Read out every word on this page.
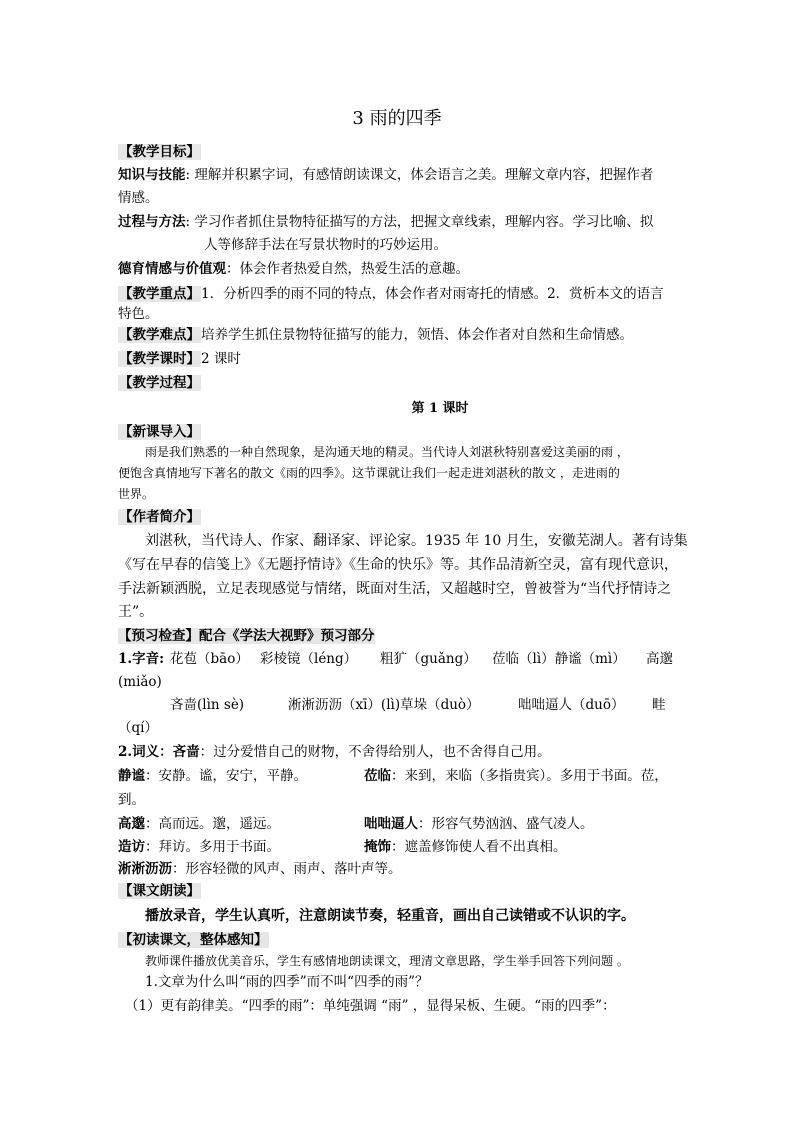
3 雨的四季
【教学目标】
知识与技能: 理解并积累字词，有感情朗读课文，体会语言之美。理解文章内容，把握作者
情感。
过程与方法: 学习作者抓住景物特征描写的方法，把握文章线索，理解内容。学习比喻、拟
人等修辞手法在写景状物时的巧妙运用。
德育情感与价值观：体会作者热爱自然，热爱生活的意趣。
【教学重点】1．分析四季的雨不同的特点，体会作者对雨寄托的情感。2．赏析本文的语言
特色。
【教学难点】培养学生抓住景物特征描写的能力，领悟、体会作者对自然和生命情感。
【教学课时】2 课时
【教学过程】
第 1 课时
【新课导入】
雨是我们熟悉的一种自然现象，是沟通天地的精灵。当代诗人刘湛秋特别喜爱这美丽的雨 ，
便饱含真情地写下著名的散文《雨的四季》。这节课就让我们一起走进刘湛秋的散文 ，走进雨的
世界。
【作者简介】
刘湛秋，当代诗人、作家、翻译家、评论家。1935 年 10 月生，安徽芜湖人。著有诗集
《写在早春的信笺上》《无题抒情诗》《生命的快乐》等。其作品清新空灵，富有现代意识，
手法新颖洒脱，立足表现感觉与情绪，既面对生活，又超越时空，曾被誉为“当代抒情诗之
王”。
【预习检查】配合《学法大视野》预习部分
1.字音: 花苞（bāo） 彩棱镜（léng） 粗犷（guǎng） 莅临（lì）静谧（mì） 高邈
(miǎo)
吝啬(lìn sè)	淅淅沥沥（xī）(lì)草垛（duò）	咄咄逼人（duō） 畦
（qí）
2.词义：吝啬：过分爱惜自己的财物，不舍得给别人，也不舍得自己用。
静谧：安静。谧，安宁，平静。	莅临：来到，来临（多指贵宾）。多用于书面。莅，
到。
高邈：高而远。邈，遥远。	咄咄逼人：形容气势汹汹、盛气凌人。
造访：拜访。多用于书面。	掩饰：遮盖修饰使人看不出真相。
淅淅沥沥：形容轻微的风声、雨声、落叶声等。
【课文朗读】
播放录音，学生认真听，注意朗读节奏，轻重音，画出自己读错或不认识的字。
【初读课文，整体感知】
教师课件播放优美音乐，学生有感情地朗读课文，理清文章思路，学生举手回答下列问题 。
1.文章为什么叫“雨的四季”而不叫“四季的雨”？
（1）更有韵律美。“四季的雨”：单纯强调 “雨” ，显得呆板、生硬。“雨的四季”：
